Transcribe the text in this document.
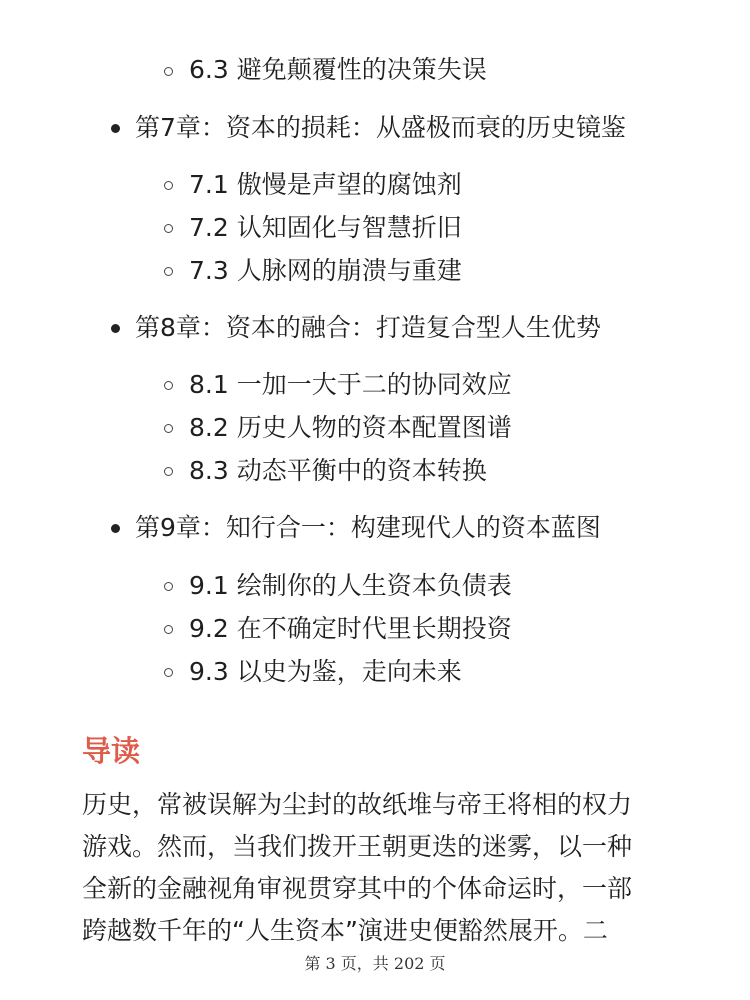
6.3 避免颠覆性的决策失误
第7章：资本的损耗：从盛极而衰的历史镜鉴
7.1 傲慢是声望的腐蚀剂
7.2 认知固化与智慧折旧
7.3 人脉网的崩溃与重建
第8章：资本的融合：打造复合型人生优势
8.1 一加一大于二的协同效应
8.2 历史人物的资本配置图谱
8.3 动态平衡中的资本转换
第9章：知行合一：构建现代人的资本蓝图
9.1 绘制你的人生资本负债表
9.2 在不确定时代里长期投资
9.3 以史为鉴，走向未来
导读
历史，常被误解为尘封的故纸堆与帝王将相的权力
游戏。然而，当我们拨开王朝更迭的迷雾，以一种
全新的金融视角审视贯穿其中的个体命运时，一部
跨越数千年的“人生资本”演进史便豁然展开。二
第 3 页，共 202 页
